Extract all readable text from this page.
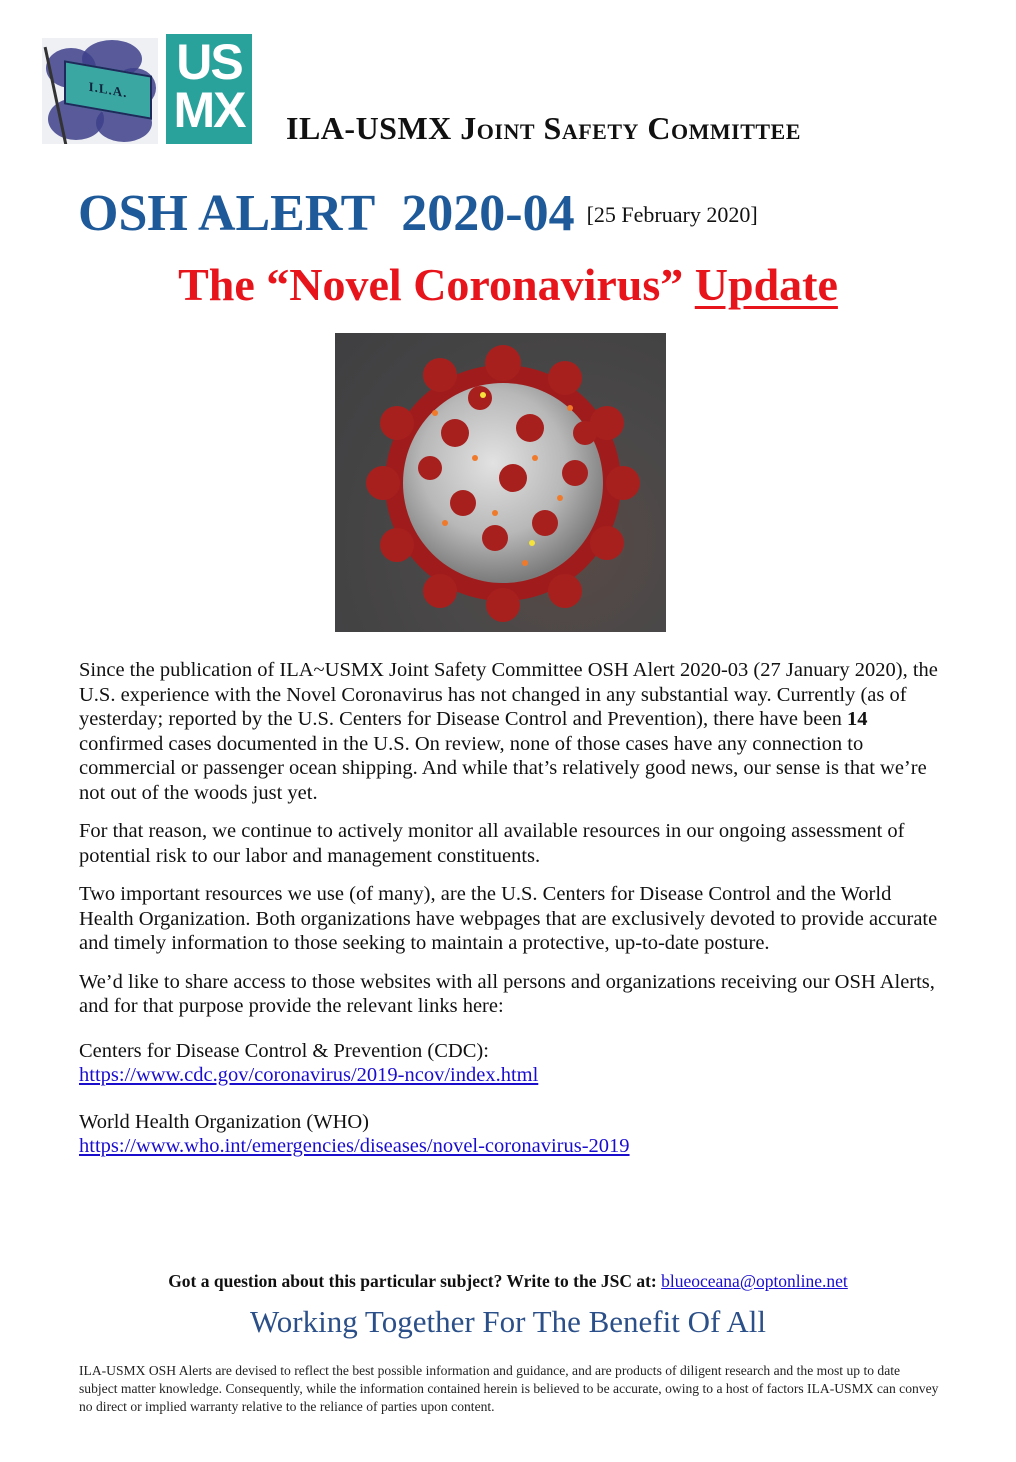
I.L.A. US
MX ILA-USMX Joint Safety Committee
OSH ALERT 2020-04 [25 February 2020]
The “Novel Coronavirus” Update

Since the publication of ILA~USMX Joint Safety Committee OSH Alert 2020-03 (27 January 2020), the U.S. experience with the Novel Coronavirus has not changed in any substantial way. Currently (as of yesterday; reported by the U.S. Centers for Disease Control and Prevention), there have been 14 confirmed cases documented in the U.S. On review, none of those cases have any connection to commercial or passenger ocean shipping. And while that’s relatively good news, our sense is that we’re not out of the woods just yet.

For that reason, we continue to actively monitor all available resources in our ongoing assessment of potential risk to our labor and management constituents.

Two important resources we use (of many), are the U.S. Centers for Disease Control and the World Health Organization. Both organizations have webpages that are exclusively devoted to provide accurate and timely information to those seeking to maintain a protective, up-to-date posture.

We’d like to share access to those websites with all persons and organizations receiving our OSH Alerts, and for that purpose provide the relevant links here:

Centers for Disease Control & Prevention (CDC):
https://www.cdc.gov/coronavirus/2019-ncov/index.html
World Health Organization (WHO)
https://www.who.int/emergencies/diseases/novel-coronavirus-2019
Got a question about this particular subject? Write to the JSC at: blueoceana@optonline.net
Working Together For The Benefit Of All
ILA-USMX OSH Alerts are devised to reflect the best possible information and guidance, and are products of diligent research and the most up to date subject matter knowledge. Consequently, while the information contained herein is believed to be accurate, owing to a host of factors ILA-USMX can convey no direct or implied warranty relative to the reliance of parties upon content.
